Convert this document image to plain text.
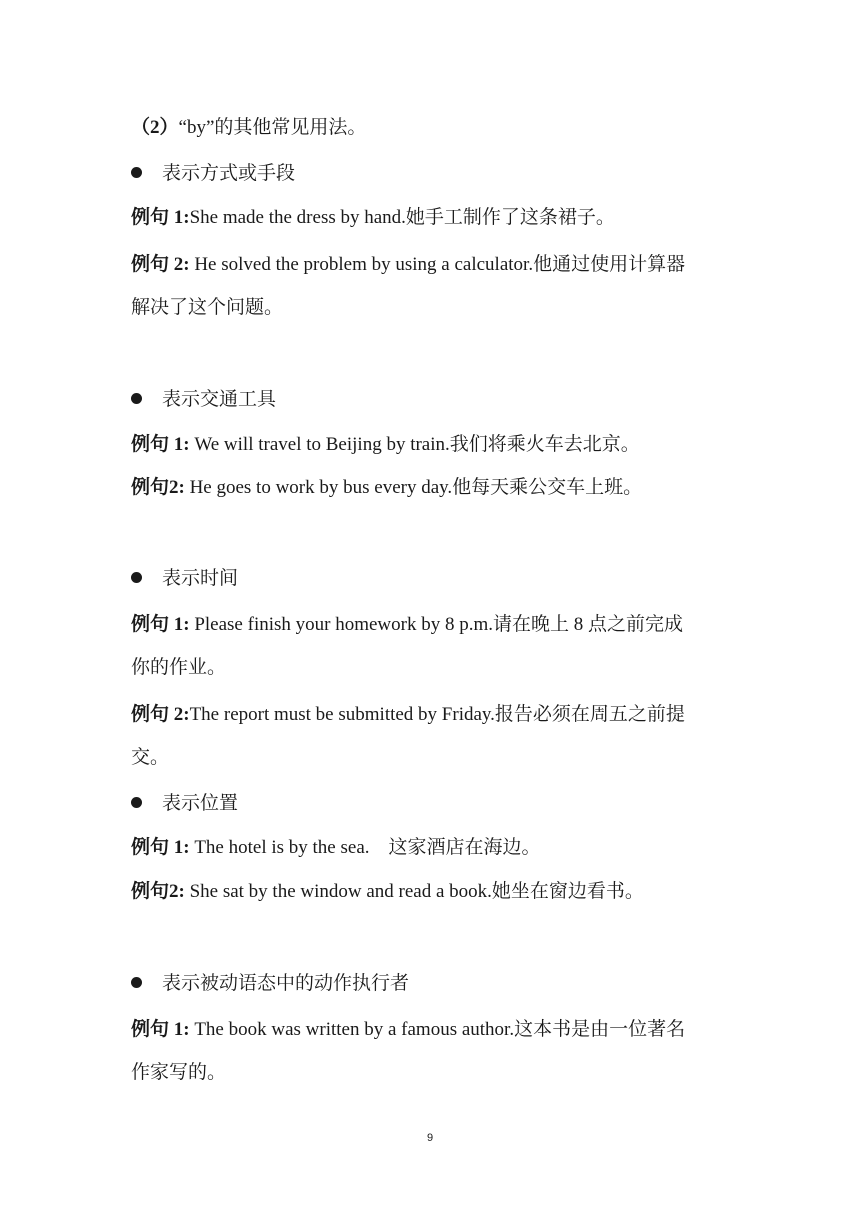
（2）“by”的其他常见用法。
表示方式或手段
例句 1:She made the dress by hand.她手工制作了这条裙子。
例句 2: He solved the problem by using a calculator.他通过使用计算器
解决了这个问题。
表示交通工具
例句 1: We will travel to Beijing by train.我们将乘火车去北京。
例句2: He goes to work by bus every day.他每天乘公交车上班。
表示时间
例句 1: Please finish your homework by 8 p.m.请在晚上 8 点之前完成
你的作业。
例句 2:The report must be submitted by Friday.报告必须在周五之前提
交。
表示位置
例句 1: The hotel is by the sea.　这家酒店在海边。
例句2: She sat by the window and read a book.她坐在窗边看书。
表示被动语态中的动作执行者
例句 1: The book was written by a famous author.这本书是由一位著名
作家写的。
9
